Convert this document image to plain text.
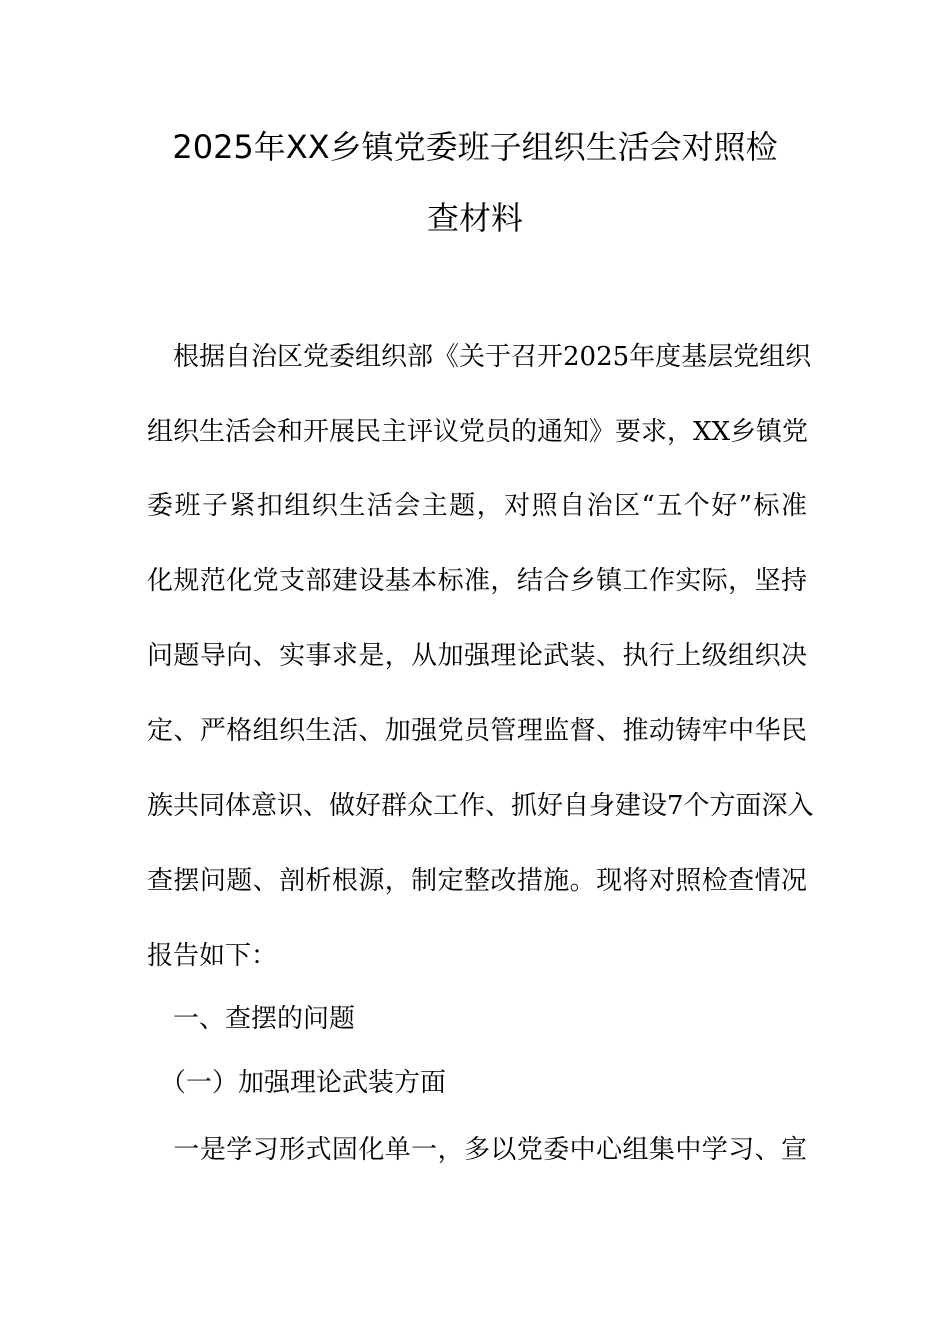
2025年XX乡镇党委班子组织生活会对照检
查材料
　根据自治区党委组织部《关于召开2025年度基层党组织
组织生活会和开展民主评议党员的通知》要求，XX乡镇党
委班子紧扣组织生活会主题，对照自治区“五个好”标准
化规范化党支部建设基本标准，结合乡镇工作实际，坚持
问题导向、实事求是，从加强理论武装、执行上级组织决
定、严格组织生活、加强党员管理监督、推动铸牢中华民
族共同体意识、做好群众工作、抓好自身建设7个方面深入
查摆问题、剖析根源，制定整改措施。现将对照检查情况
报告如下：
　一、查摆的问题
　（一）加强理论武装方面
　一是学习形式固化单一，多以党委中心组集中学习、宣
